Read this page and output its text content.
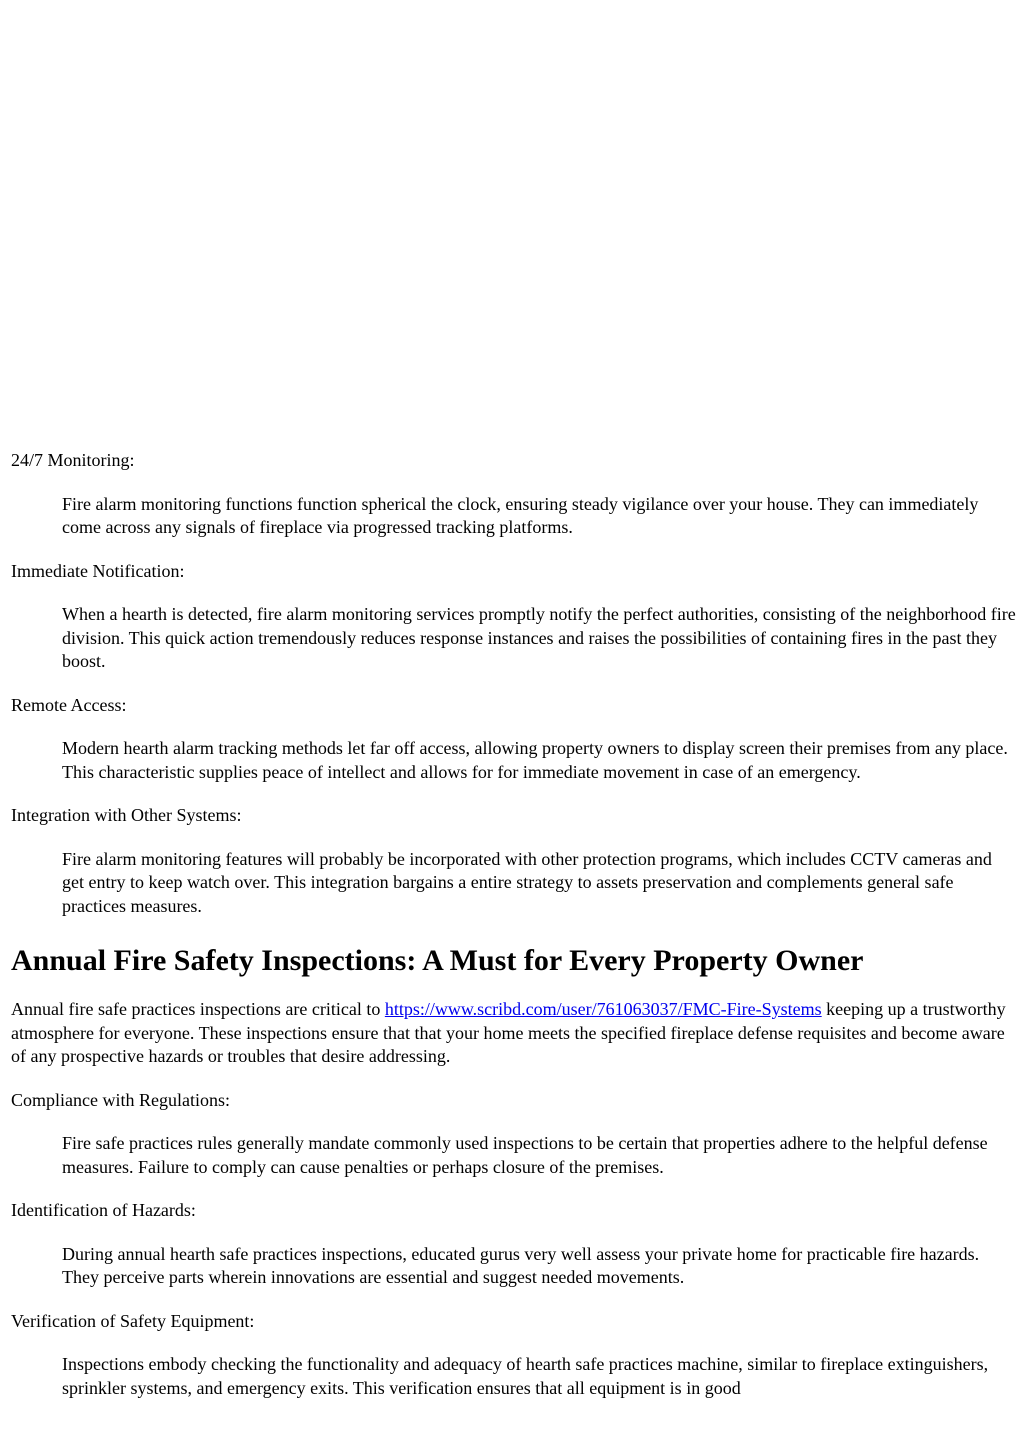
24/7 Monitoring:
Fire alarm monitoring functions function spherical the clock, ensuring steady vigilance over your house. They can immediately come across any signals of fireplace via progressed tracking platforms.
Immediate Notification:
When a hearth is detected, fire alarm monitoring services promptly notify the perfect authorities, consisting of the neighborhood fire division. This quick action tremendously reduces response instances and raises the possibilities of containing fires in the past they boost.
Remote Access:
Modern hearth alarm tracking methods let far off access, allowing property owners to display screen their premises from any place. This characteristic supplies peace of intellect and allows for for immediate movement in case of an emergency.
Integration with Other Systems:
Fire alarm monitoring features will probably be incorporated with other protection programs, which includes CCTV cameras and get entry to keep watch over. This integration bargains a entire strategy to assets preservation and complements general safe practices measures.
Annual Fire Safety Inspections: A Must for Every Property Owner
Annual fire safe practices inspections are critical to https://www.scribd.com/user/761063037/FMC-Fire-Systems keeping up a trustworthy atmosphere for everyone. These inspections ensure that that your home meets the specified fireplace defense requisites and become aware of any prospective hazards or troubles that desire addressing.
Compliance with Regulations:
Fire safe practices rules generally mandate commonly used inspections to be certain that properties adhere to the helpful defense measures. Failure to comply can cause penalties or perhaps closure of the premises.
Identification of Hazards:
During annual hearth safe practices inspections, educated gurus very well assess your private home for practicable fire hazards. They perceive parts wherein innovations are essential and suggest needed movements.
Verification of Safety Equipment:
Inspections embody checking the functionality and adequacy of hearth safe practices machine, similar to fireplace extinguishers, sprinkler systems, and emergency exits. This verification ensures that all equipment is in good
